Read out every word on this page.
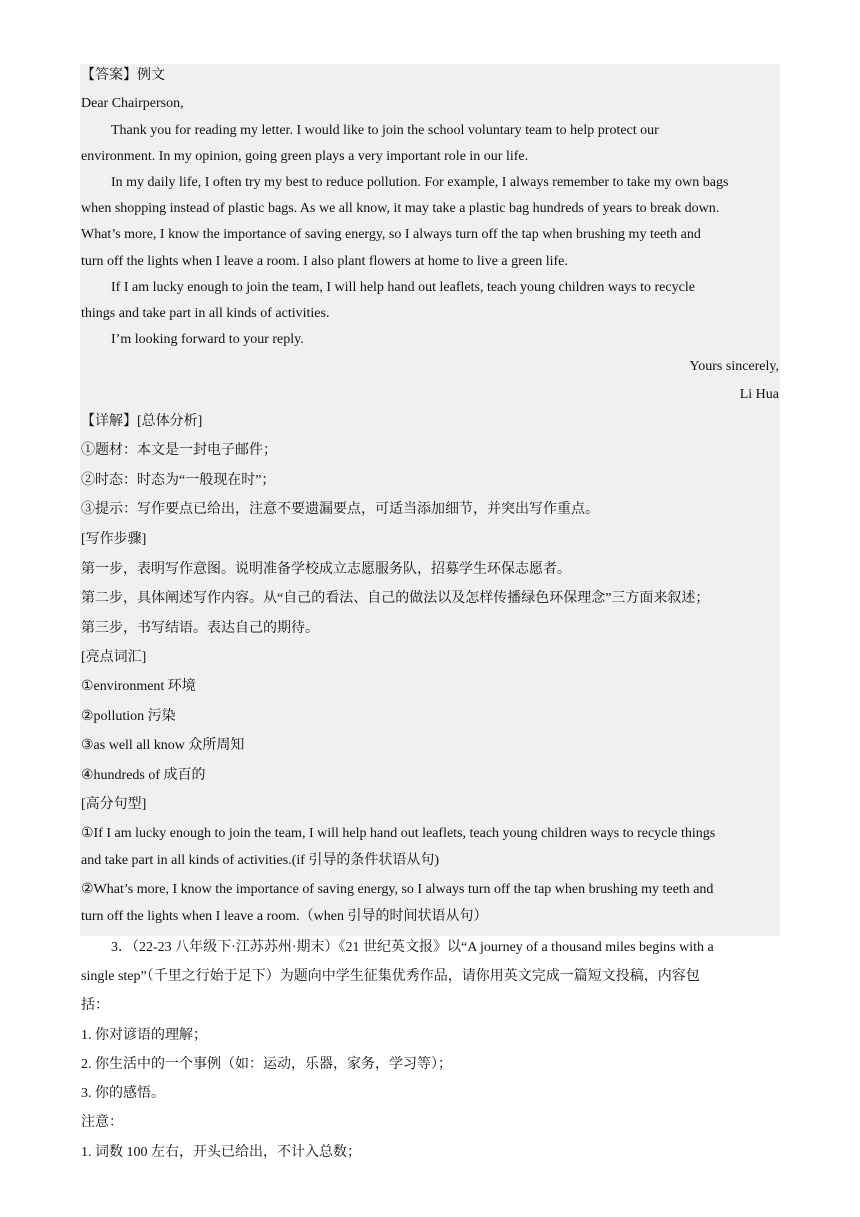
【答案】例文
Dear Chairperson,
Thank you for reading my letter. I would like to join the school voluntary team to help protect our
environment. In my opinion, going green plays a very important role in our life.
In my daily life, I often try my best to reduce pollution. For example, I always remember to take my own bags
when shopping instead of plastic bags. As we all know, it may take a plastic bag hundreds of years to break down.
What’s more, I know the importance of saving energy, so I always turn off the tap when brushing my teeth and
turn off the lights when I leave a room. I also plant flowers at home to live a green life.
If I am lucky enough to join the team, I will help hand out leaflets, teach young children ways to recycle
things and take part in all kinds of activities.
I’m looking forward to your reply.
Yours sincerely,
Li Hua
【详解】[总体分析]
①题材：本文是一封电子邮件；
②时态：时态为“一般现在时”；
③提示：写作要点已给出，注意不要遗漏要点，可适当添加细节，并突出写作重点。
[写作步骤]
第一步，表明写作意图。说明准备学校成立志愿服务队，招募学生环保志愿者。
第二步，具体阐述写作内容。从“自己的看法、自己的做法以及怎样传播绿色环保理念”三方面来叙述；
第三步，书写结语。表达自己的期待。
[亮点词汇]
①environment 环境
②pollution 污染
③as well all know 众所周知
④hundreds of 成百的
[高分句型]
①If I am lucky enough to join the team, I will help hand out leaflets, teach young children ways to recycle things
and take part in all kinds of activities.(if 引导的条件状语从句)
②What’s more, I know the importance of saving energy, so I always turn off the tap when brushing my teeth and
turn off the lights when I leave a room.（when 引导的时间状语从句）
3．（22-23 八年级下·江苏苏州·期末）《21 世纪英文报》以“A journey of a thousand miles begins with a
single step”（千里之行始于足下）为题向中学生征集优秀作品，请你用英文完成一篇短文投稿，内容包
括：
1. 你对谚语的理解；
2. 你生活中的一个事例（如：运动，乐器，家务，学习等）；
3. 你的感悟。
注意：
1. 词数 100 左右，开头已给出，不计入总数；
